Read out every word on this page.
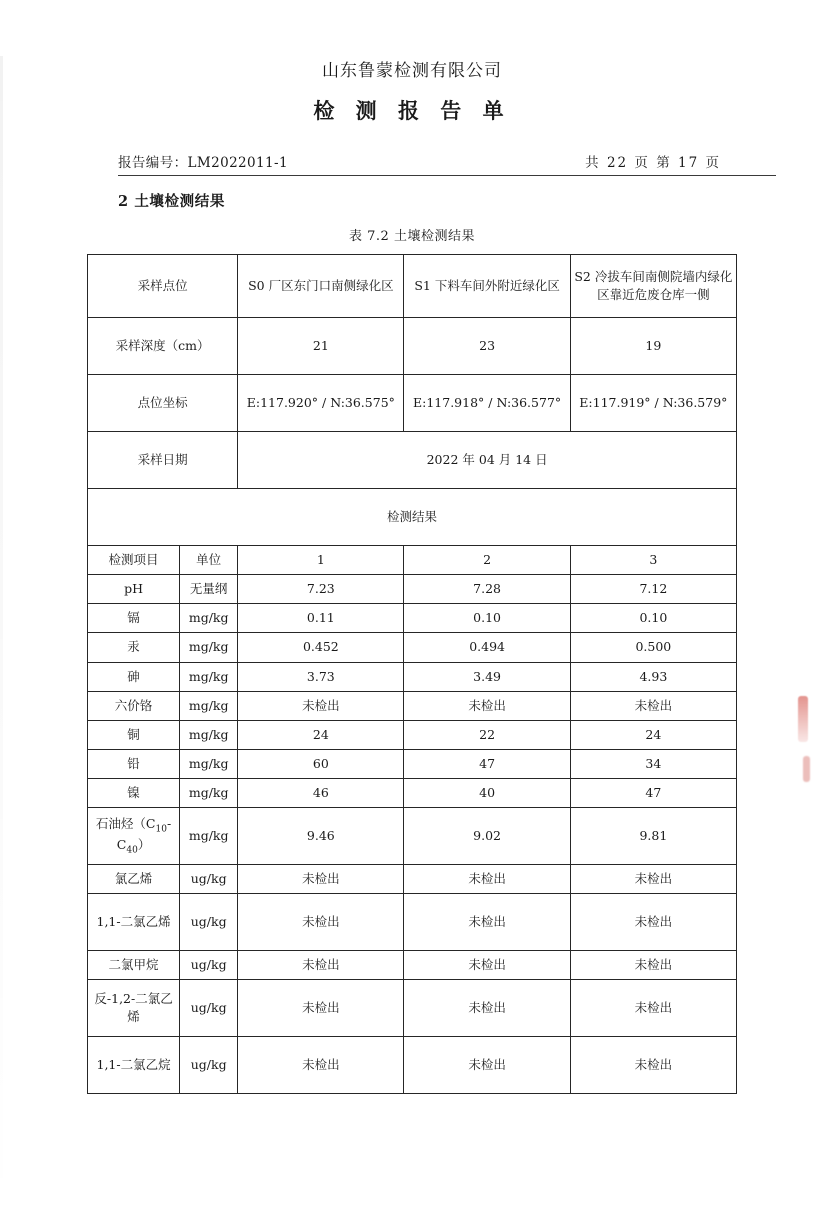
山东鲁蒙检测有限公司
检 测 报 告 单
报告编号：LM2022011-1	共 22 页 第 17 页
2 土壤检测结果
表 7.2 土壤检测结果
采样点位		S0 厂区东门口南侧绿化区	S1 下料车间外附近绿化区	S2 冷拔车间南侧院墙内绿化区靠近危废仓库一侧
采样深度（cm）		21	23	19
点位坐标		E:117.920° / N:36.575°	E:117.918° / N:36.577°	E:117.919° / N:36.579°
采样日期		2022 年 04 月 14 日		
检测结果				
检测项目	单位	1	2	3
pH	无量纲	7.23	7.28	7.12
镉	mg/kg	0.11	0.10	0.10
汞	mg/kg	0.452	0.494	0.500
砷	mg/kg	3.73	3.49	4.93
六价铬	mg/kg	未检出	未检出	未检出
铜	mg/kg	24	22	24
铅	mg/kg	60	47	34
镍	mg/kg	46	40	47
石油烃$(C_{10}-C_{40})$	mg/kg	9.46	9.02	9.81
氯乙烯	ug/kg	未检出	未检出	未检出
1,1-二氯乙烯	ug/kg	未检出	未检出	未检出
二氯甲烷	ug/kg	未检出	未检出	未检出
反-1,2-二氯乙烯	ug/kg	未检出	未检出	未检出
1,1-二氯乙烷	ug/kg	未检出	未检出	未检出
